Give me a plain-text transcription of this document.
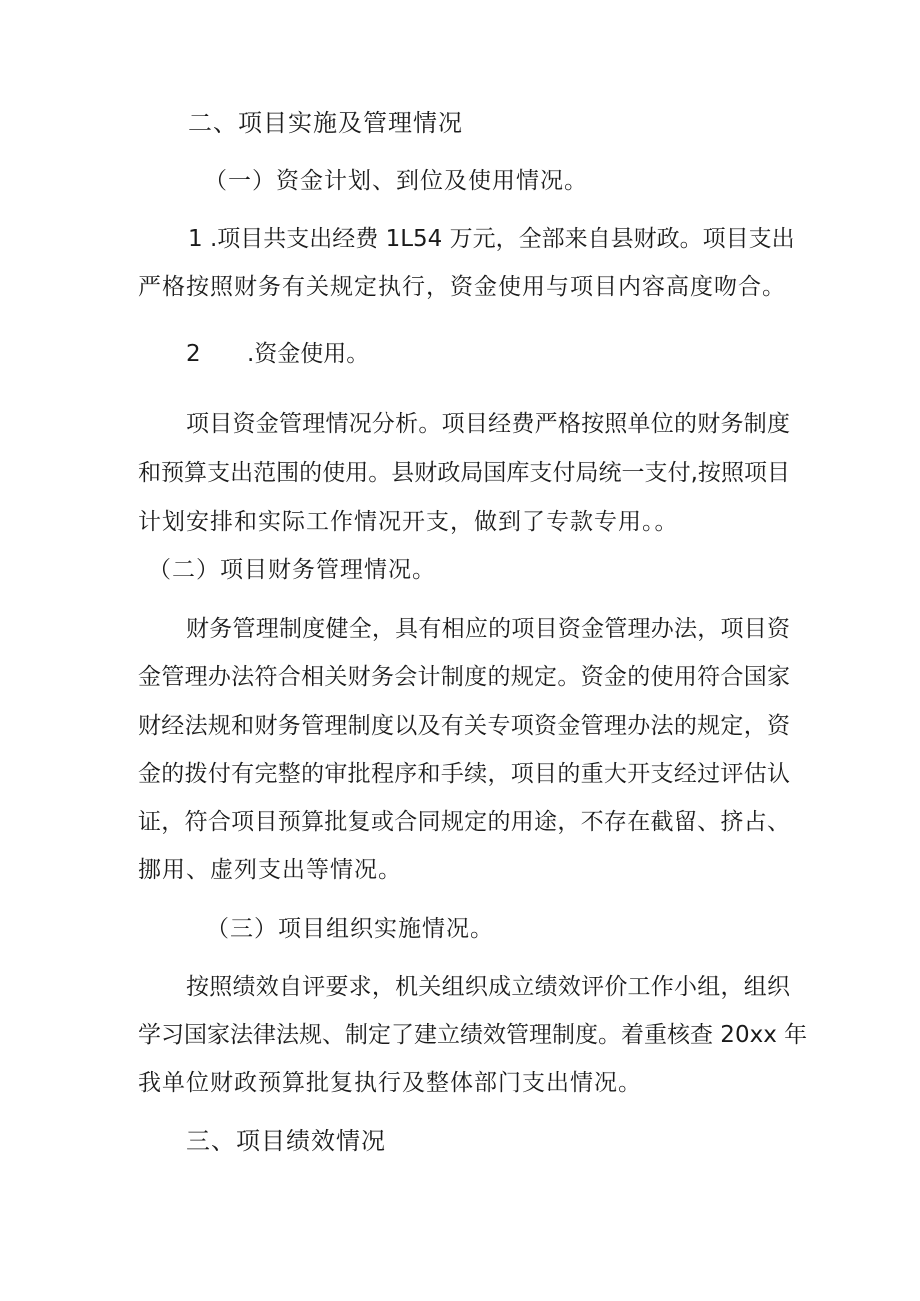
二、项目实施及管理情况
（一）资金计划、到位及使用情况。
1 .项目共支出经费 1L54 万元，全部来自县财政。项目支出
严格按照财务有关规定执行，资金使用与项目内容高度吻合。
2 .资金使用。
项目资金管理情况分析。项目经费严格按照单位的财务制度
和预算支出范围的使用。县财政局国库支付局统一支付,按照项目
计划安排和实际工作情况开支，做到了专款专用。。
（二）项目财务管理情况。
财务管理制度健全，具有相应的项目资金管理办法，项目资
金管理办法符合相关财务会计制度的规定。资金的使用符合国家
财经法规和财务管理制度以及有关专项资金管理办法的规定，资
金的拨付有完整的审批程序和手续，项目的重大开支经过评估认
证，符合项目预算批复或合同规定的用途，不存在截留、挤占、
挪用、虚列支出等情况。
（三）项目组织实施情况。
按照绩效自评要求，机关组织成立绩效评价工作小组，组织
学习国家法律法规、制定了建立绩效管理制度。着重核查 20xx 年
我单位财政预算批复执行及整体部门支出情况。
三、项目绩效情况
